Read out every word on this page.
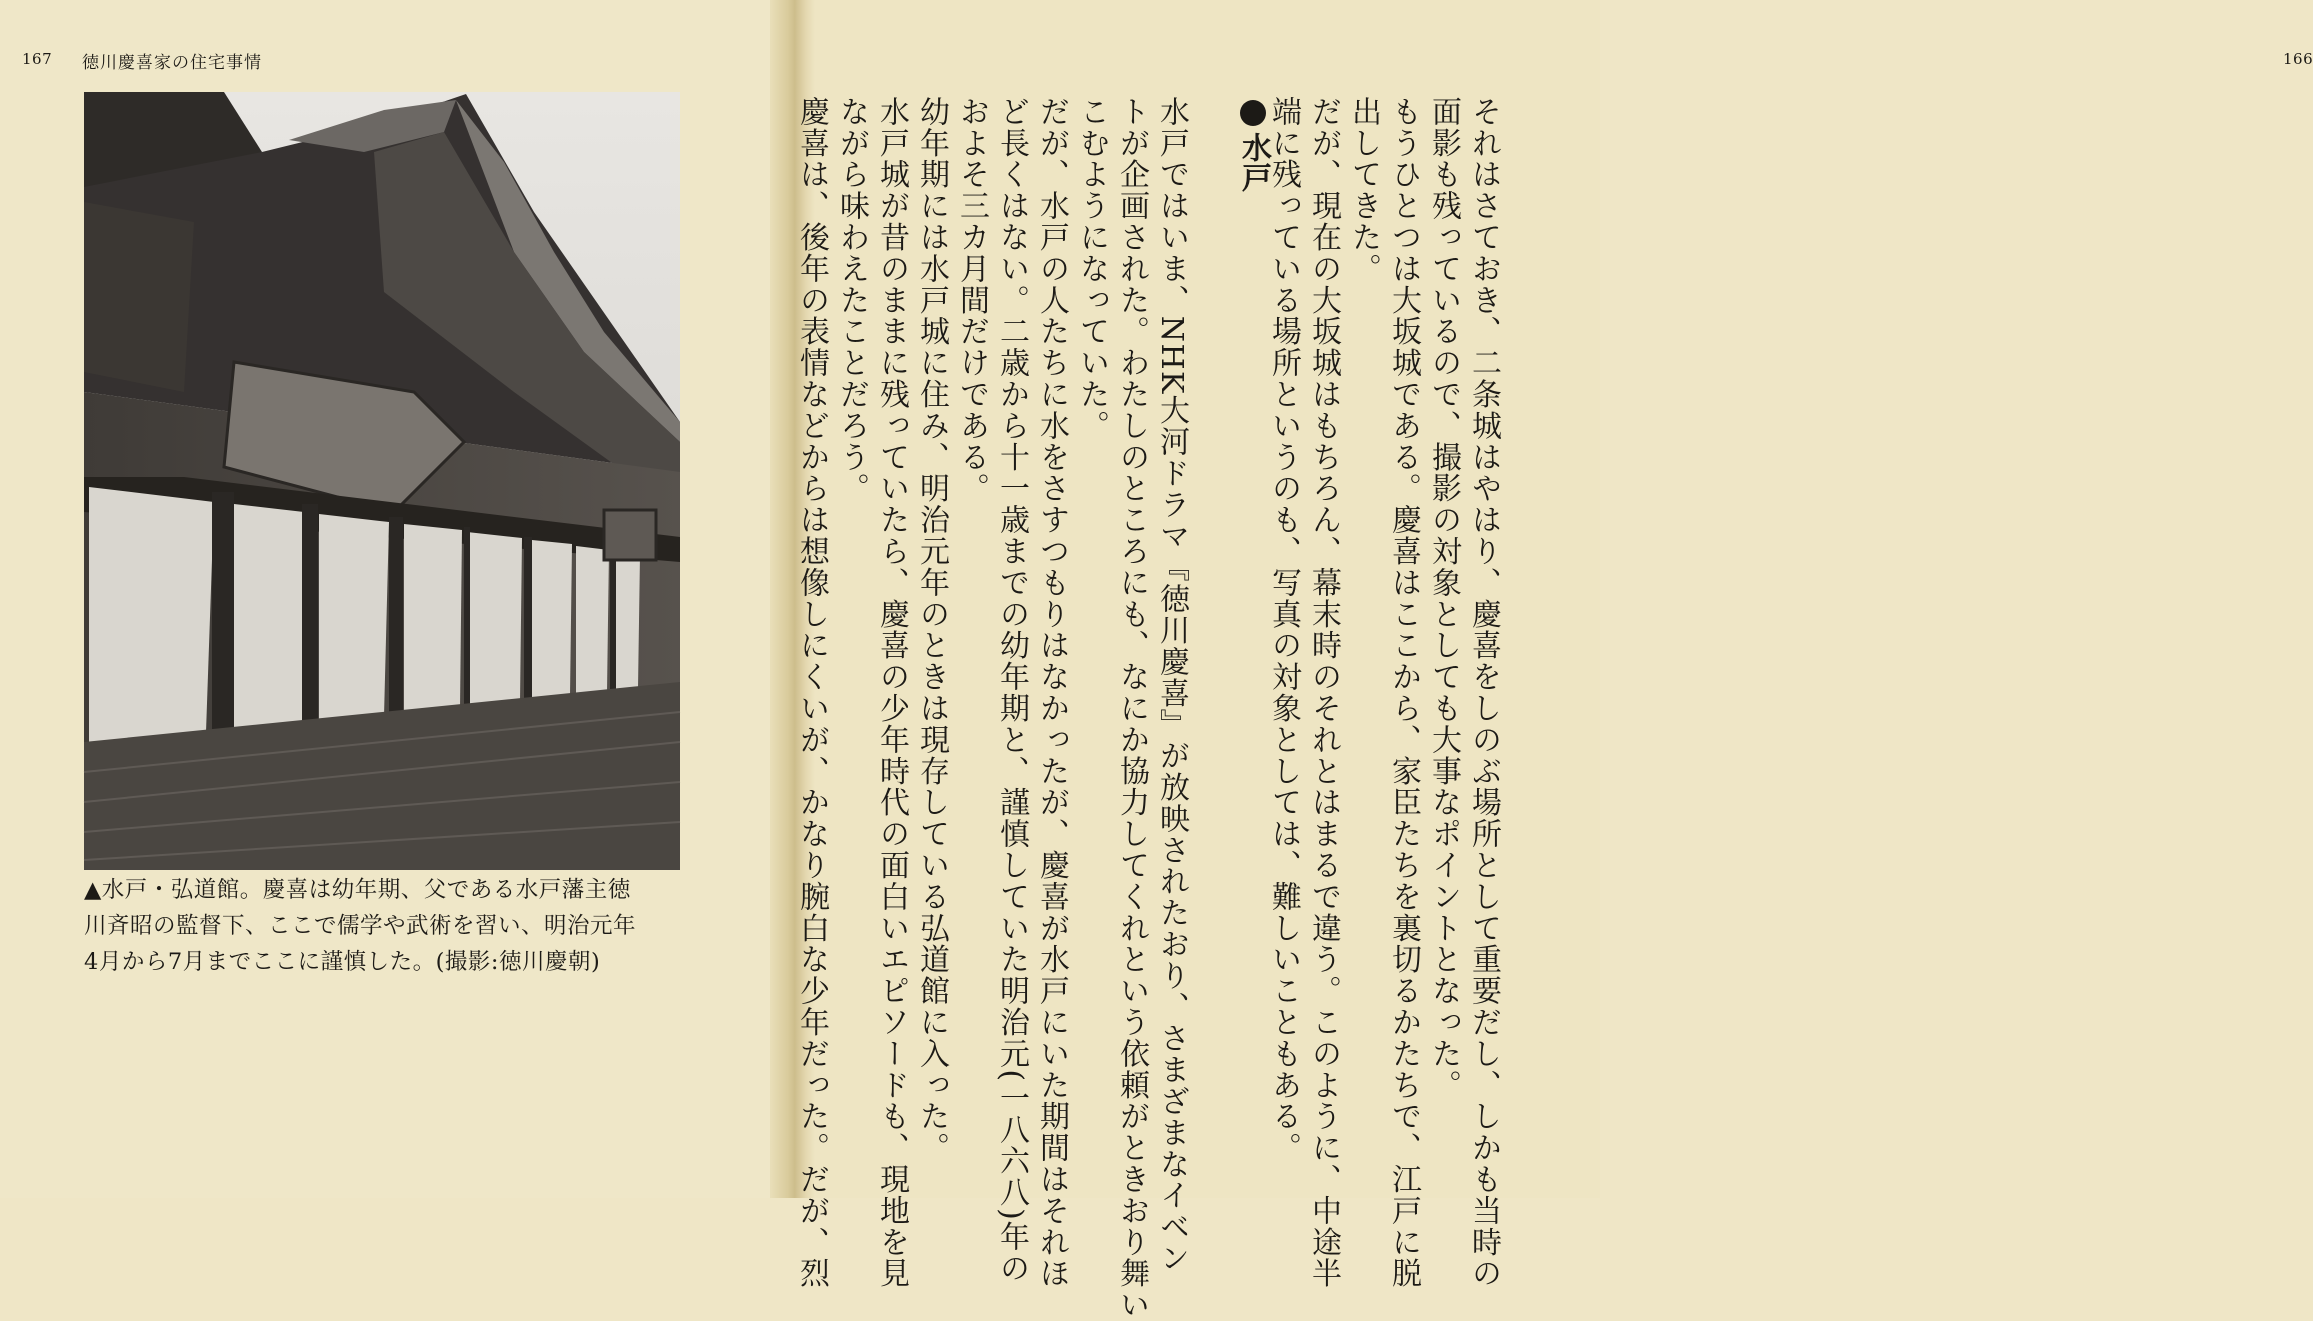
167 徳川慶喜家の住宅事情

▲水戸・弘道館。慶喜は幼年期、父である水戸藩主徳

川斉昭の監督下、ここで儒学や武術を習い、明治元年

4月から7月までここに謹慎した。(撮影:徳川慶朝)

166
水戸	それはさておき、二条城はやはり、慶喜をしのぶ場所として重要だし、しかも当時の
面影も残っているので、撮影の対象としても大事なポイントとなった。
もうひとつは大坂城である。慶喜はここから、家臣たちを裏切るかたちで、江戸に脱
出してきた。
だが、現在の大坂城はもちろん、幕末時のそれとはまるで違う。このように、中途半
端に残っている場所というのも、写真の対象としては、難しいこともある。
水戸ではいま、NHK大河ドラマ『徳川慶喜』が放映されたおり、さまざまなイベン
トが企画された。わたしのところにも、なにか協力してくれという依頼がときおり舞い
こむようになっていた。
だが、水戸の人たちに水をさすつもりはなかったが、慶喜が水戸にいた期間はそれほ
ど長くはない。二歳から十一歳までの幼年期と、謹慎していた明治元(一八六八)年の
およそ三カ月間だけである。
幼年期には水戸城に住み、明治元年のときは現存している弘道館に入った。
水戸城が昔のままに残っていたら、慶喜の少年時代の面白いエピソードも、現地を見
ながら味わえたことだろう。
慶喜は、後年の表情などからは想像しにくいが、かなり腕白な少年だった。だが、烈
